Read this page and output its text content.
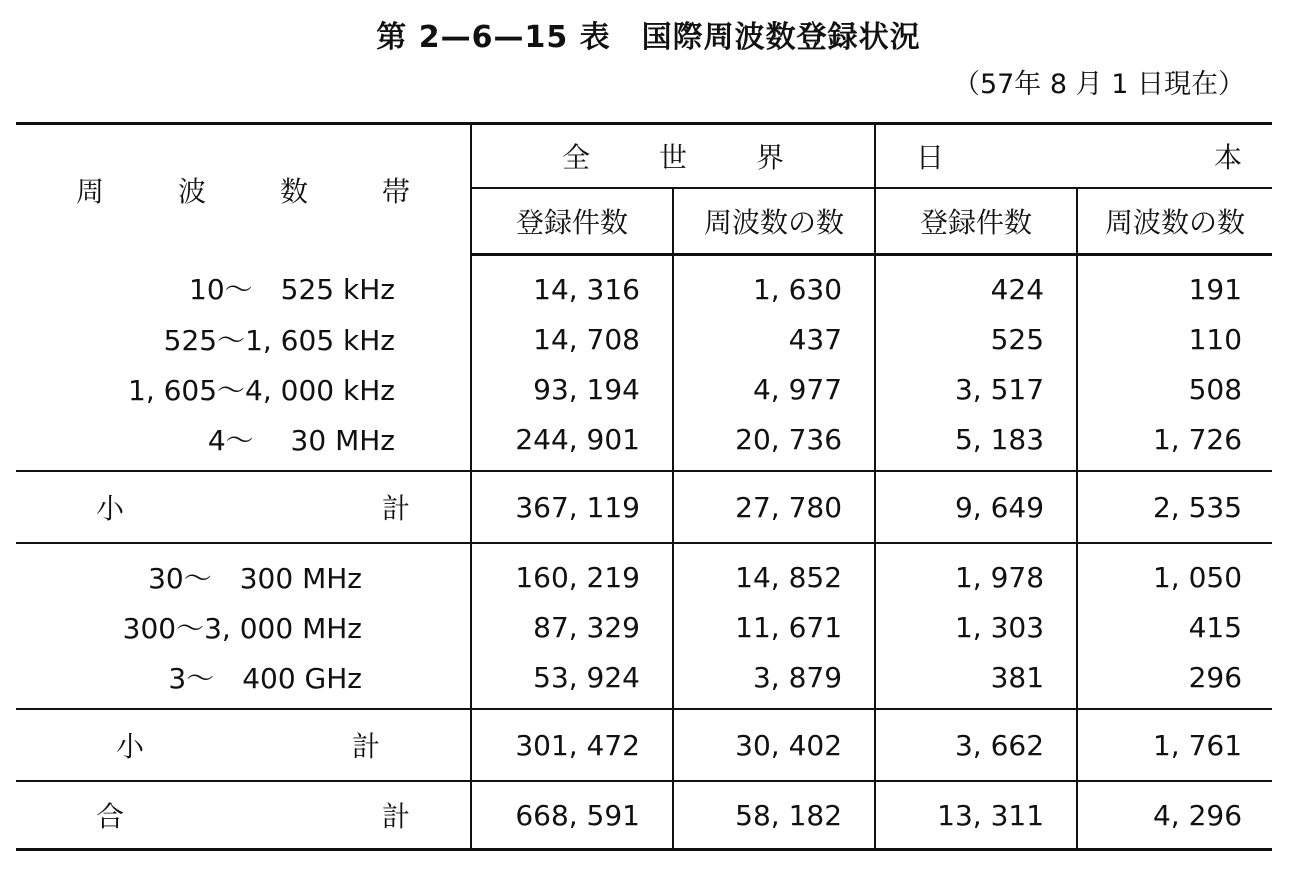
第 2—6—15 表　国際周波数登録状況
（57年 8 月 1 日現在）
周 波 数 帯	全 世 界		日 本	

	登録件数	周波数の数	登録件数	周波数の数
10～　525 kHz	14, 316	1, 630	424	191
525～1, 605 kHz	14, 708	437	525	110
1, 605～4, 000 kHz	93, 194	4, 977	3, 517	508
4～　 30 MHz	244, 901	20, 736	5, 183	1, 726

小 計	367, 119	27, 780	9, 649	2, 535
30～　300 MHz	160, 219	14, 852	1, 978	1, 050
300～3, 000 MHz	87, 329	11, 671	1, 303	415
3～　400 GHz	53, 924	3, 879	381	296

小 計	301, 472	30, 402	3, 662	1, 761

合 計	668, 591	58, 182	13, 311	4, 296
